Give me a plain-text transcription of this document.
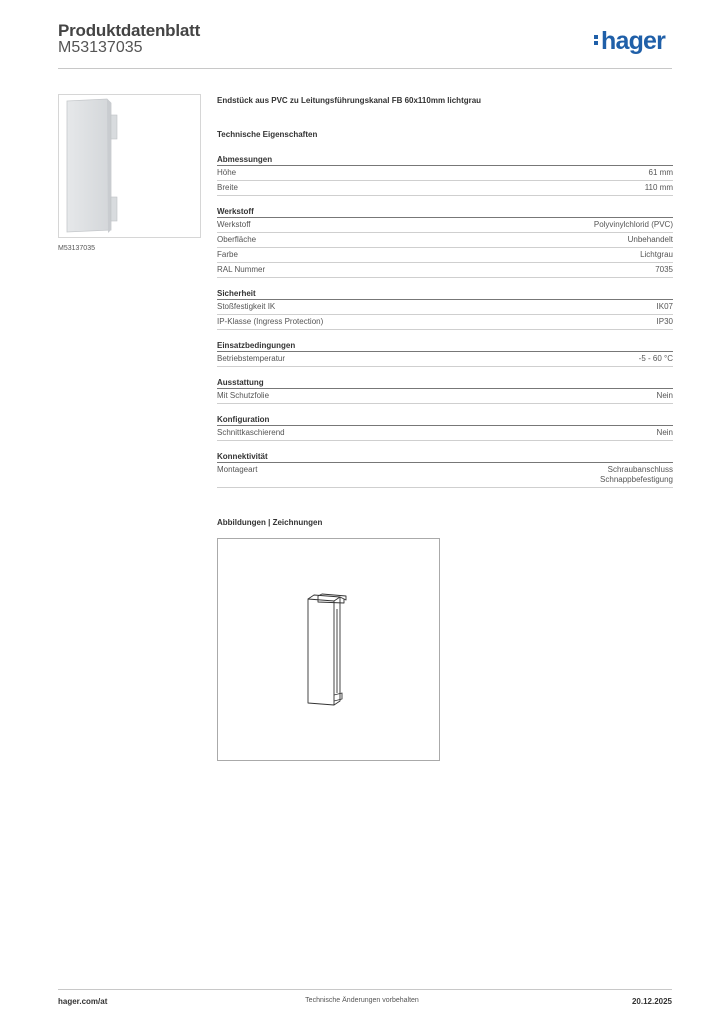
Produktdatenblatt
M53137035	hager
M53137035
Endstück aus PVC zu Leitungsführungskanal FB 60x110mm lichtgrau
Technische Eigenschaften
Abmessungen
Höhe	61 mm
Breite	110 mm
Werkstoff
Werkstoff	Polyvinylchlorid (PVC)
Oberfläche	Unbehandelt
Farbe	Lichtgrau
RAL Nummer	7035
Sicherheit
Stoßfestigkeit IK	IK07
IP-Klasse (Ingress Protection)	IP30
Einsatzbedingungen
Betriebstemperatur	-5 - 60 °C
Ausstattung
Mit Schutzfolie	Nein
Konfiguration
Schnittkaschierend	Nein
Konnektivität
Montageart	Schraubanschluss
Schnappbefestigung
Abbildungen | Zeichnungen
hager.com/at	Technische Änderungen vorbehalten	20.12.2025
